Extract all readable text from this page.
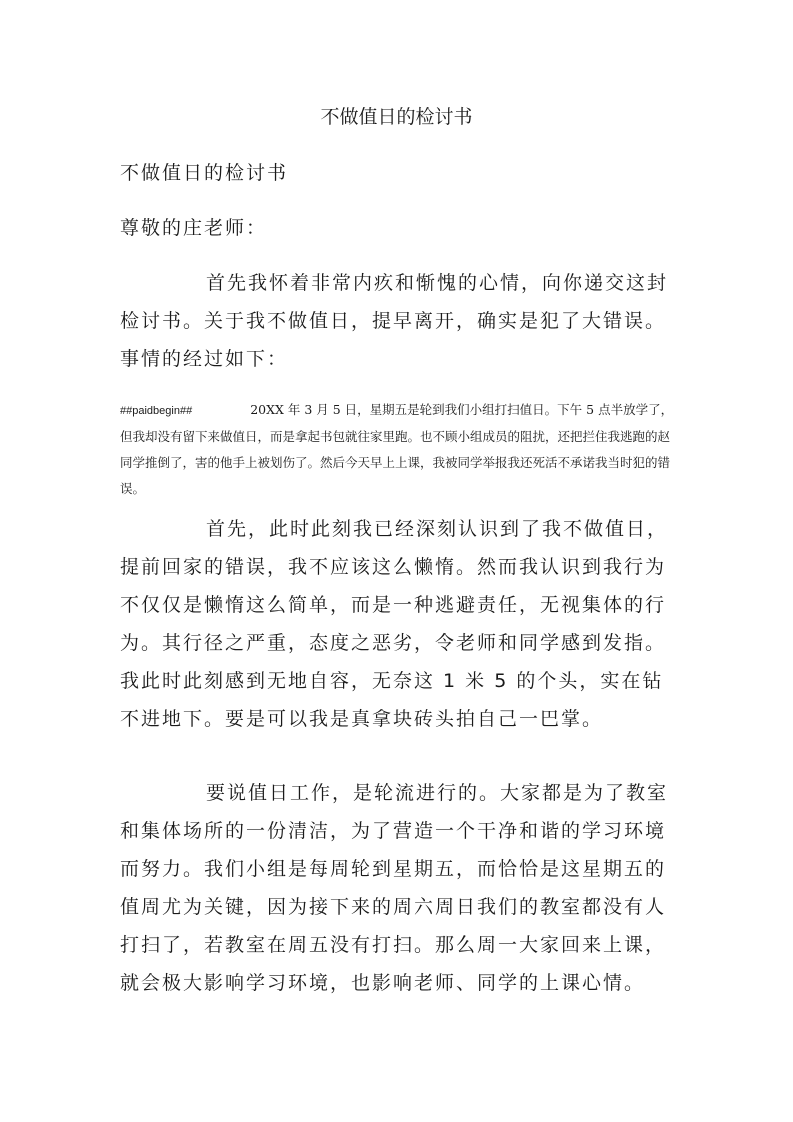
不做值日的检讨书

不做值日的检讨书

尊敬的庄老师：

首先我怀着非常内疚和惭愧的心情，向你递交这封检讨书。关于我不做值日，提早离开，确实是犯了大错误。事情的经过如下：

##paidbegin##	20XX 年 3 月 5 日，星期五是轮到我们小组打扫值日。下午 5 点半放学了，但我却没有留下来做值日，而是拿起书包就往家里跑。也不顾小组成员的阻扰，还把拦住我逃跑的赵同学推倒了，害的他手上被划伤了。然后今天早上上课，我被同学举报我还死活不承诺我当时犯的错误。

首先，此时此刻我已经深刻认识到了我不做值日，提前回家的错误，我不应该这么懒惰。然而我认识到我行为不仅仅是懒惰这么简单，而是一种逃避责任，无视集体的行为。其行径之严重，态度之恶劣，令老师和同学感到发指。我此时此刻感到无地自容，无奈这 1 米 5 的个头，实在钻不进地下。要是可以我是真拿块砖头拍自己一巴掌。

要说值日工作，是轮流进行的。大家都是为了教室和集体场所的一份清洁，为了营造一个干净和谐的学习环境而努力。我们小组是每周轮到星期五，而恰恰是这星期五的值周尤为关键，因为接下来的周六周日我们的教室都没有人打扫了，若教室在周五没有打扫。那么周一大家回来上课，就会极大影响学习环境，也影响老师、同学的上课心情。
